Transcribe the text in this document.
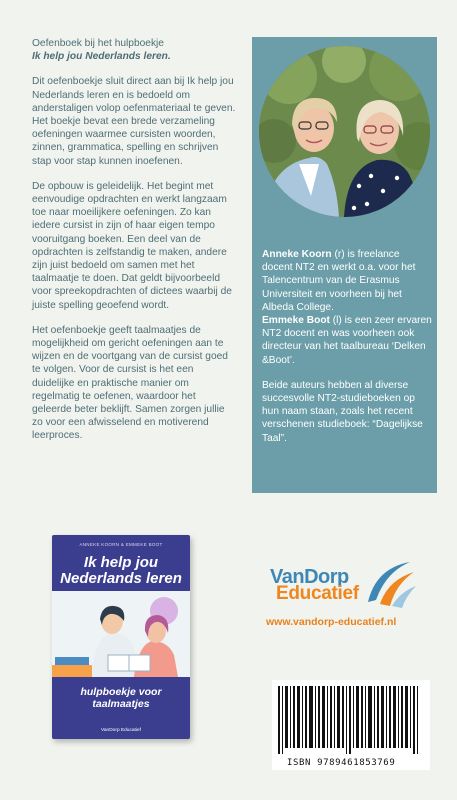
Oefenboek bij het hulpboekje
Ik help jou Nederlands leren.

Dit oefenboekje sluit direct aan bij Ik help jou Nederlands leren en is bedoeld om anderstaligen volop oefenmateriaal te geven. Het boekje bevat een brede verzameling oefeningen waarmee cursisten woorden, zinnen, grammatica, spelling en schrijven stap voor stap kunnen inoefenen.

De opbouw is geleidelijk. Het begint met eenvoudige opdrachten en werkt langzaam toe naar moeilijkere oefeningen. Zo kan iedere cursist in zijn of haar eigen tempo vooruitgang boeken. Een deel van de opdrachten is zelfstandig te maken, andere zijn juist bedoeld om samen met het taalmaatje te doen. Dat geldt bijvoorbeeld voor spreekopdrachten of dictees waarbij de juiste spelling geoefend wordt.

Het oefenboekje geeft taalmaatjes de mogelijkheid om gericht oefeningen aan te wijzen en de voortgang van de cursist goed te volgen. Voor de cursist is het een duidelijke en praktische manier om regelmatig te oefenen, waardoor het geleerde beter beklijft. Samen zorgen jullie zo voor een afwisselend en motiverend leerproces.

Anneke Koorn (r) is freelance docent NT2 en werkt o.a. voor het Talencentrum van de Erasmus Universiteit en voorheen bij het Albeda College.

Emmeke Boot (l) is een zeer ervaren NT2 docent en was voorheen ook directeur van het taalbureau ‘Delken &Boot’.

Beide auteurs hebben al diverse succesvolle NT2-studieboeken op hun naam staan, zoals het recent verschenen studieboek: “Dagelijkse Taal”.

ANNEKE KOORN & EMMEKE BOOT
Ik help jou Nederlands leren
hulpboekje voor taalmaatjes
VanDorp Educatief
VanDorp
Educatief
www.vandorp-educatief.nl
ISBN 9789461853769
